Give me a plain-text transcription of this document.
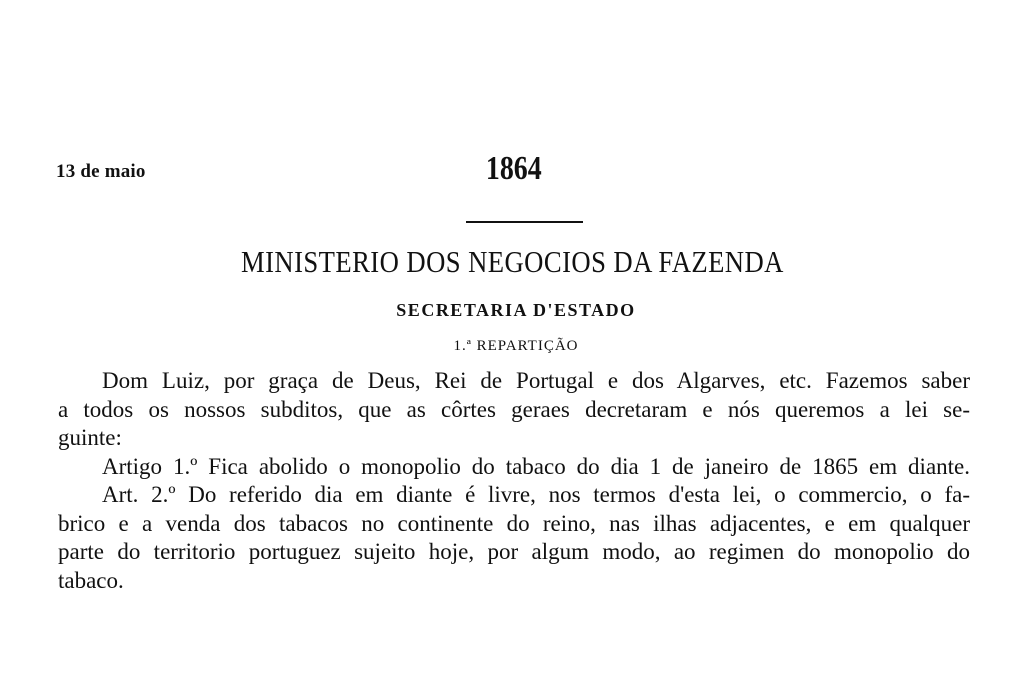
13 de maio	1864
MINISTERIO DOS NEGOCIOS DA FAZENDA
SECRETARIA D'ESTADO
1.ª REPARTIÇÃO
Dom Luiz, por graça de Deus, Rei de Portugal e dos Algarves, etc. Fazemos saber
a todos os nossos subditos, que as côrtes geraes decretaram e nós queremos a lei se-
guinte:
Artigo 1.º Fica abolido o monopolio do tabaco do dia 1 de janeiro de 1865 em diante.
Art. 2.º Do referido dia em diante é livre, nos termos d'esta lei, o commercio, o fa-
brico e a venda dos tabacos no continente do reino, nas ilhas adjacentes, e em qualquer
parte do territorio portuguez sujeito hoje, por algum modo, ao regimen do monopolio do
tabaco.
